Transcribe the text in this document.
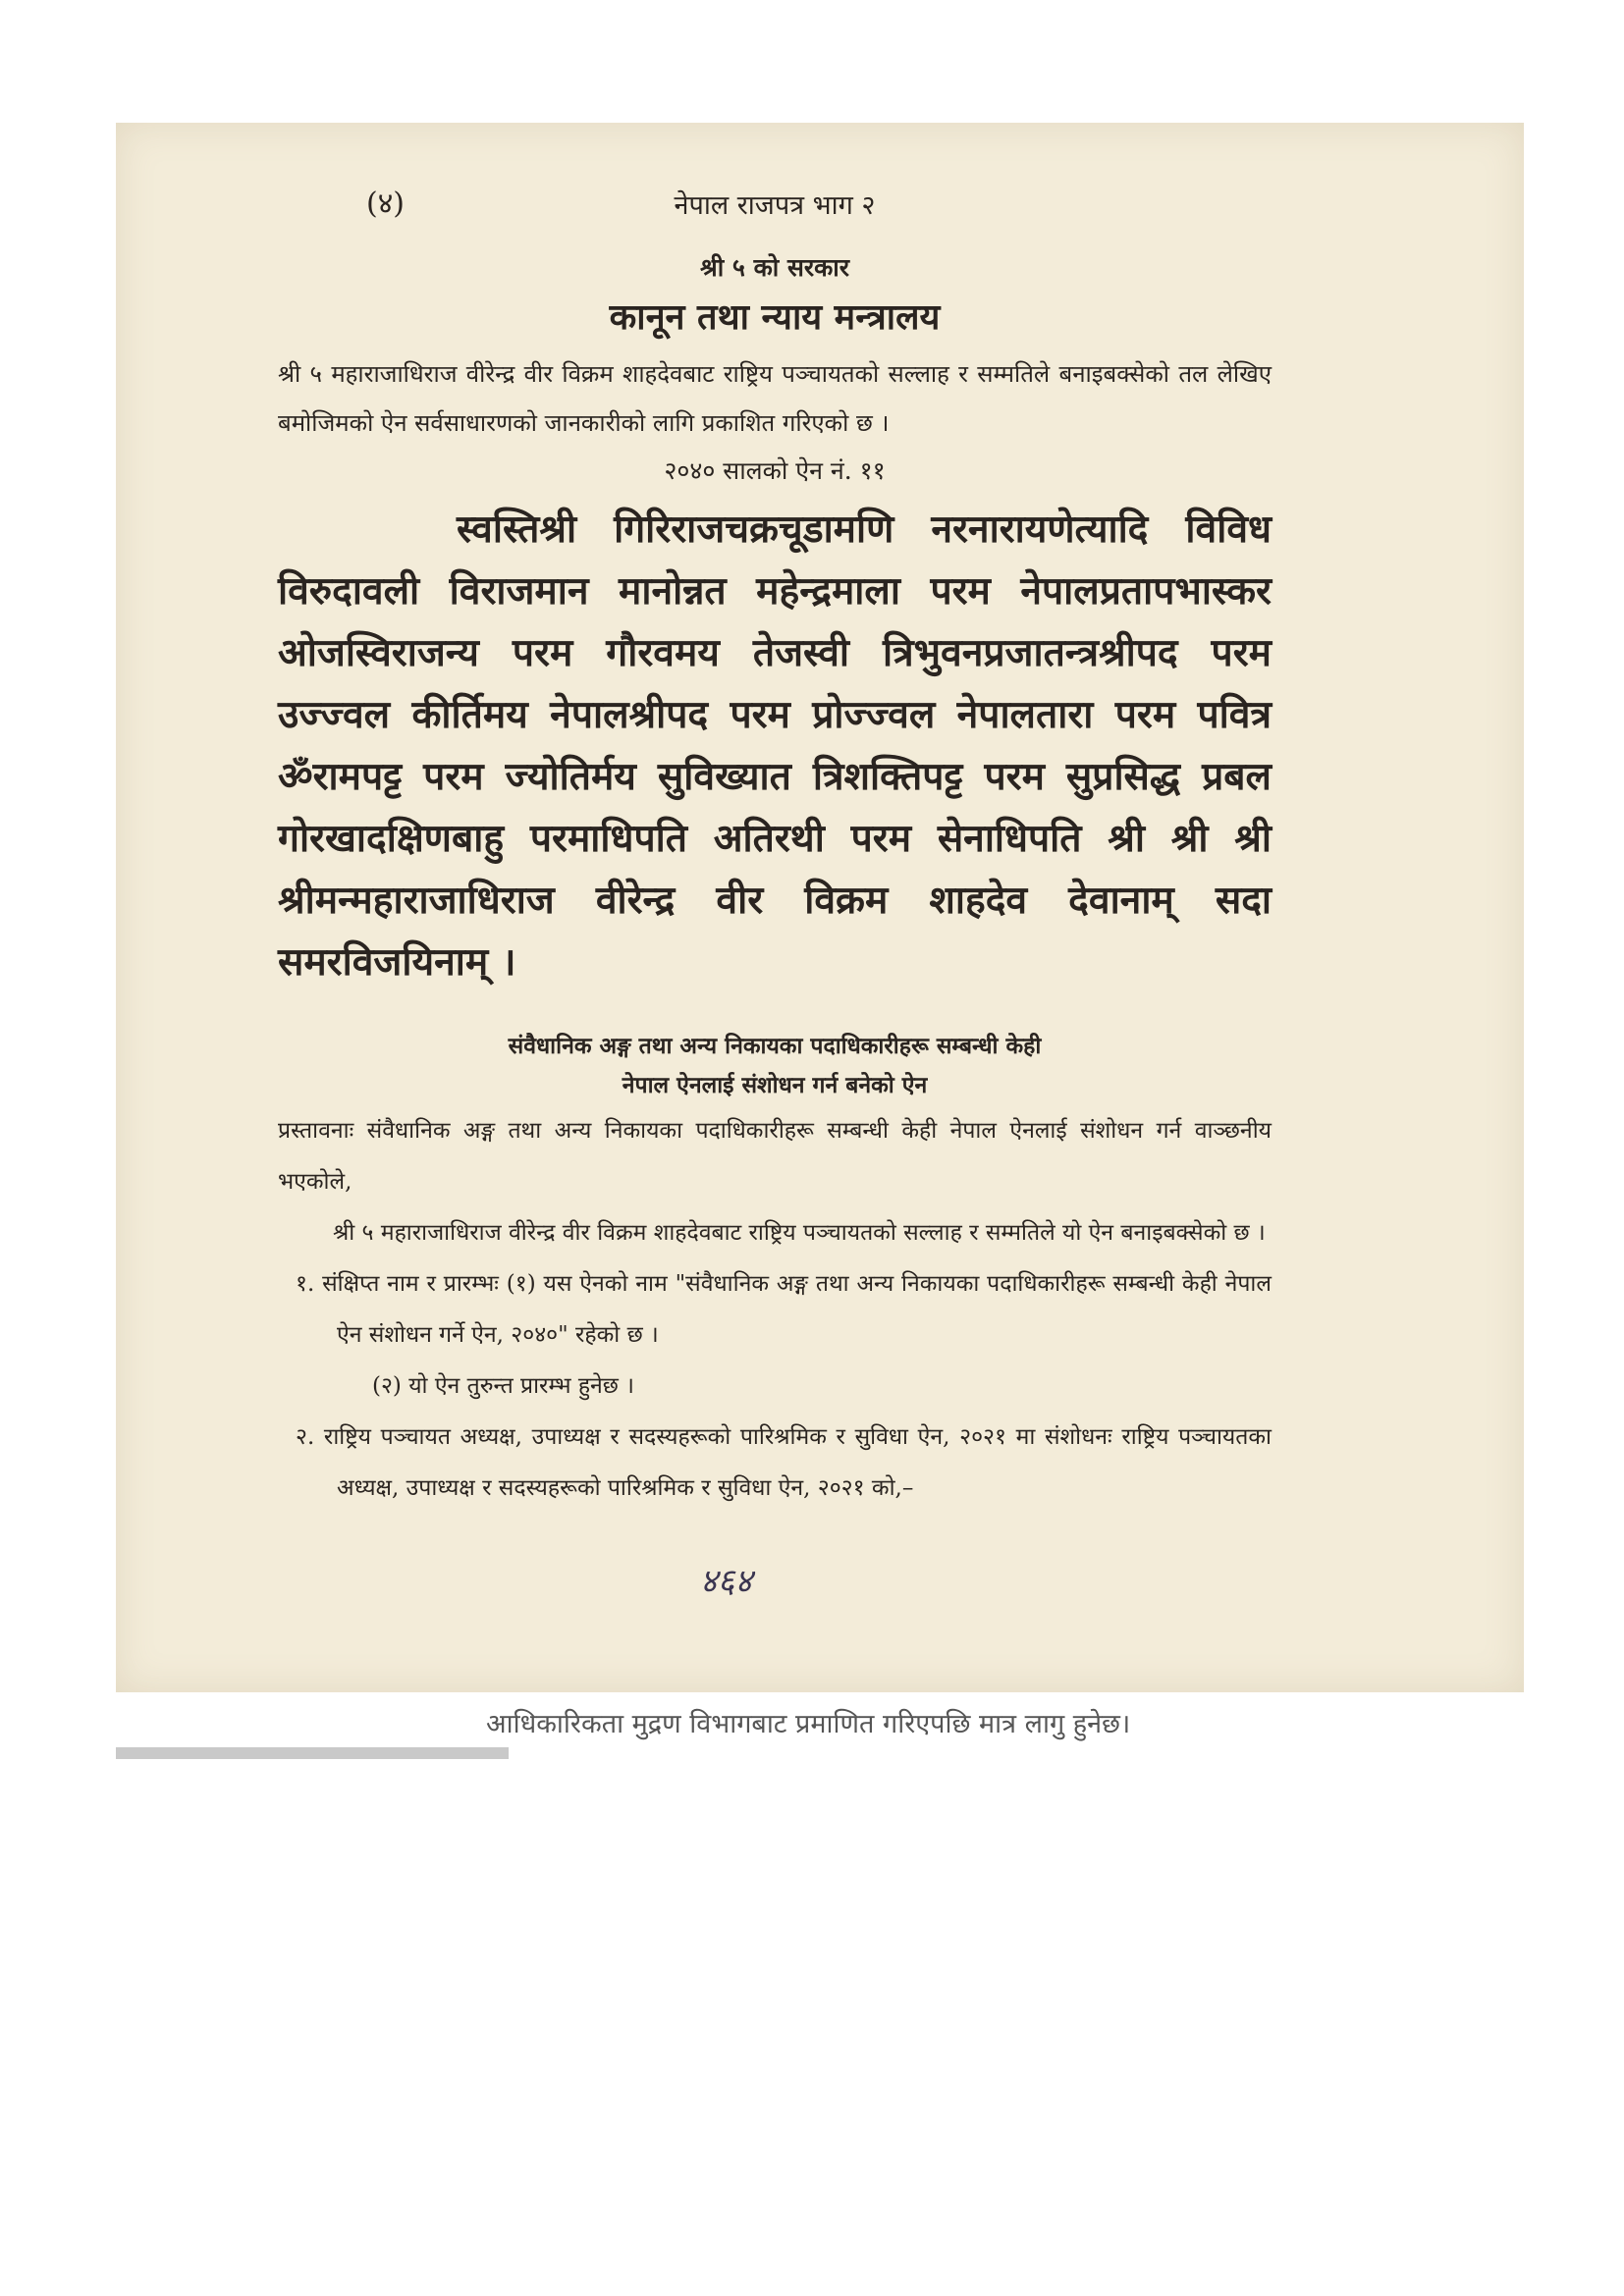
(४)	नेपाल राजपत्र भाग २
श्री ५ को सरकार
कानून तथा न्याय मन्त्रालय
श्री ५ महाराजाधिराज वीरेन्द्र वीर विक्रम शाहदेवबाट राष्ट्रिय पञ्चायतको सल्लाह र सम्मतिले बनाइबक्सेको तल लेखिए बमोजिमको ऐन सर्वसाधारणको जानकारीको लागि प्रकाशित गरिएको छ ।
२०४० सालको ऐन नं. ११
स्वस्तिश्री गिरिराजचक्रचूडामणि नरनारायणेत्यादि विविध विरुदावली विराजमान मानोन्नत महेन्द्रमाला परम नेपालप्रतापभास्कर ओजस्विराजन्य परम गौरवमय तेजस्वी त्रिभुवनप्रजातन्त्रश्रीपद परम उज्ज्वल कीर्तिमय नेपालश्रीपद परम प्रोज्ज्वल नेपालतारा परम पवित्र ॐरामपट्ट परम ज्योतिर्मय सुविख्यात त्रिशक्तिपट्ट परम सुप्रसिद्ध प्रबल गोरखादक्षिणबाहु परमाधिपति अतिरथी परम सेनाधिपति श्री श्री श्री श्रीमन्महाराजाधिराज वीरेन्द्र वीर विक्रम शाहदेव देवानाम् सदा समरविजयिनाम् ।
संवैधानिक अङ्ग तथा अन्य निकायका पदाधिकारीहरू सम्बन्धी केही
नेपाल ऐनलाई संशोधन गर्न बनेको ऐन

प्रस्तावनाः संवैधानिक अङ्ग तथा अन्य निकायका पदाधिकारीहरू सम्बन्धी केही नेपाल ऐनलाई संशोधन गर्न वाञ्छनीय भएकोले,

श्री ५ महाराजाधिराज वीरेन्द्र वीर विक्रम शाहदेवबाट राष्ट्रिय पञ्चायतको सल्लाह र सम्मतिले यो ऐन बनाइबक्सेको छ ।

१. संक्षिप्त नाम र प्रारम्भः (१) यस ऐनको नाम "संवैधानिक अङ्ग तथा अन्य निकायका पदाधिकारीहरू सम्बन्धी केही नेपाल ऐन संशोधन गर्ने ऐन, २०४०" रहेको छ ।

(२) यो ऐन तुरुन्त प्रारम्भ हुनेछ ।

२. राष्ट्रिय पञ्चायत अध्यक्ष, उपाध्यक्ष र सदस्यहरूको पारिश्रमिक र सुविधा ऐन, २०२१ मा संशोधनः राष्ट्रिय पञ्चायतका अध्यक्ष, उपाध्यक्ष र सदस्यहरूको पारिश्रमिक र सुविधा ऐन, २०२१ को,–

४६४
आधिकारिकता मुद्रण विभागबाट प्रमाणित गरिएपछि मात्र लागु हुनेछ।
